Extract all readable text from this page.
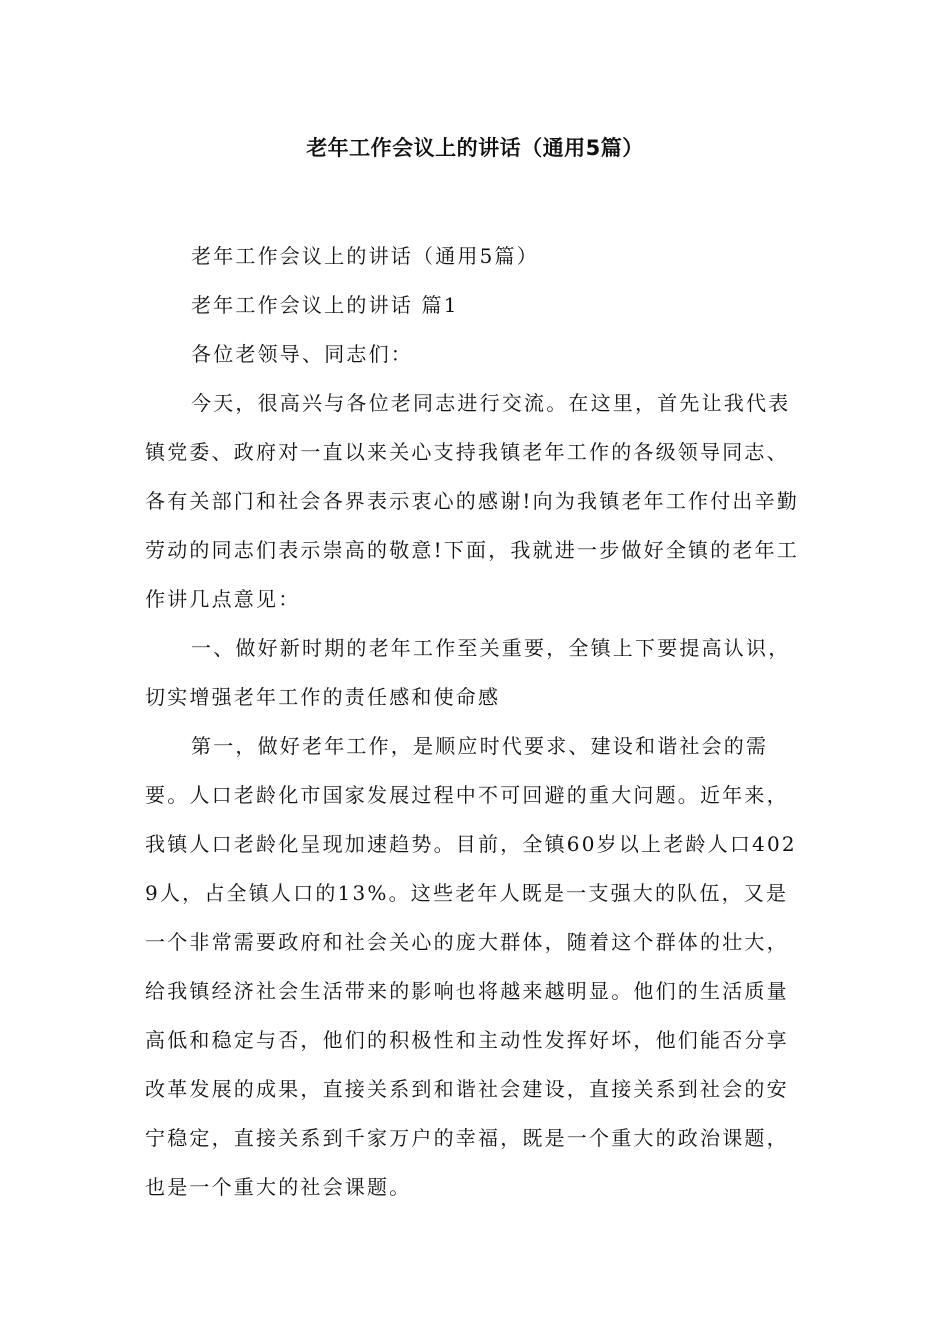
老年工作会议上的讲话（通用5篇）

老年工作会议上的讲话（通用5篇）

老年工作会议上的讲话 篇1

各位老领导、同志们：

今天，很高兴与各位老同志进行交流。在这里，首先让我代表镇党委、政府对一直以来关心支持我镇老年工作的各级领导同志、各有关部门和社会各界表示衷心的感谢!向为我镇老年工作付出辛勤劳动的同志们表示崇高的敬意!下面，我就进一步做好全镇的老年工作讲几点意见：

一、做好新时期的老年工作至关重要，全镇上下要提高认识，切实增强老年工作的责任感和使命感

第一，做好老年工作，是顺应时代要求、建设和谐社会的需要。人口老龄化市国家发展过程中不可回避的重大问题。近年来，我镇人口老龄化呈现加速趋势。目前，全镇60岁以上老龄人口4029人，占全镇人口的13%。这些老年人既是一支强大的队伍，又是一个非常需要政府和社会关心的庞大群体，随着这个群体的壮大，给我镇经济社会生活带来的影响也将越来越明显。他们的生活质量高低和稳定与否，他们的积极性和主动性发挥好坏，他们能否分享改革发展的成果，直接关系到和谐社会建设，直接关系到社会的安宁稳定，直接关系到千家万户的幸福，既是一个重大的政治课题，也是一个重大的社会课题。
